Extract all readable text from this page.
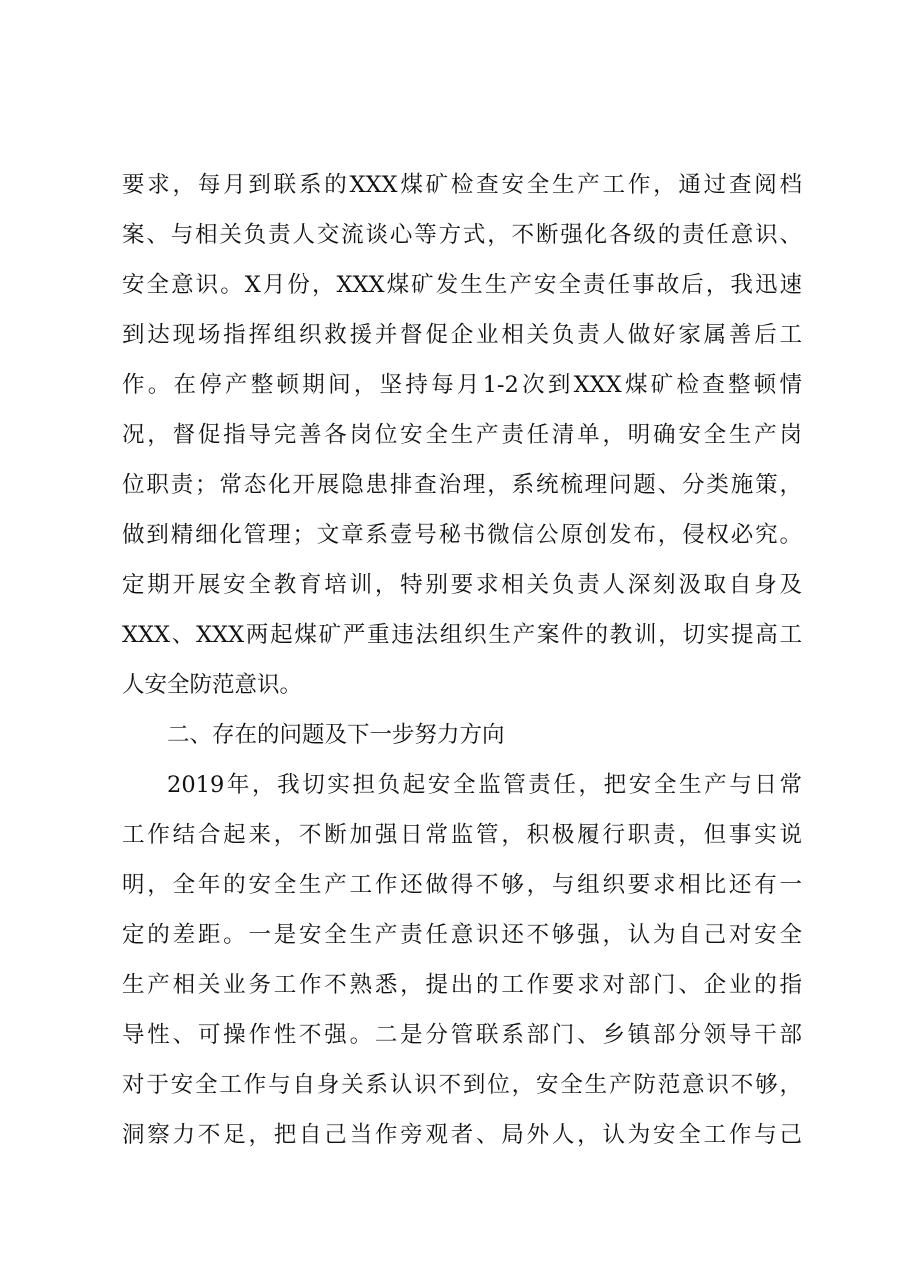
要求，每月到联系的XXX煤矿检查安全生产工作，通过查阅档
案、与相关负责人交流谈心等方式，不断强化各级的责任意识、
安全意识。X月份，XXX煤矿发生生产安全责任事故后，我迅速
到达现场指挥组织救援并督促企业相关负责人做好家属善后工
作。在停产整顿期间，坚持每月1-2次到XXX煤矿检查整顿情
况，督促指导完善各岗位安全生产责任清单，明确安全生产岗
位职责；常态化开展隐患排查治理，系统梳理问题、分类施策，
做到精细化管理；文章系壹号秘书微信公原创发布，侵权必究。
定期开展安全教育培训，特别要求相关负责人深刻汲取自身及
XXX、XXX两起煤矿严重违法组织生产案件的教训，切实提高工
人安全防范意识。
二、存在的问题及下一步努力方向
2019年，我切实担负起安全监管责任，把安全生产与日常
工作结合起来，不断加强日常监管，积极履行职责，但事实说
明，全年的安全生产工作还做得不够，与组织要求相比还有一
定的差距。一是安全生产责任意识还不够强，认为自己对安全
生产相关业务工作不熟悉，提出的工作要求对部门、企业的指
导性、可操作性不强。二是分管联系部门、乡镇部分领导干部
对于安全工作与自身关系认识不到位，安全生产防范意识不够，
洞察力不足，把自己当作旁观者、局外人，认为安全工作与己
